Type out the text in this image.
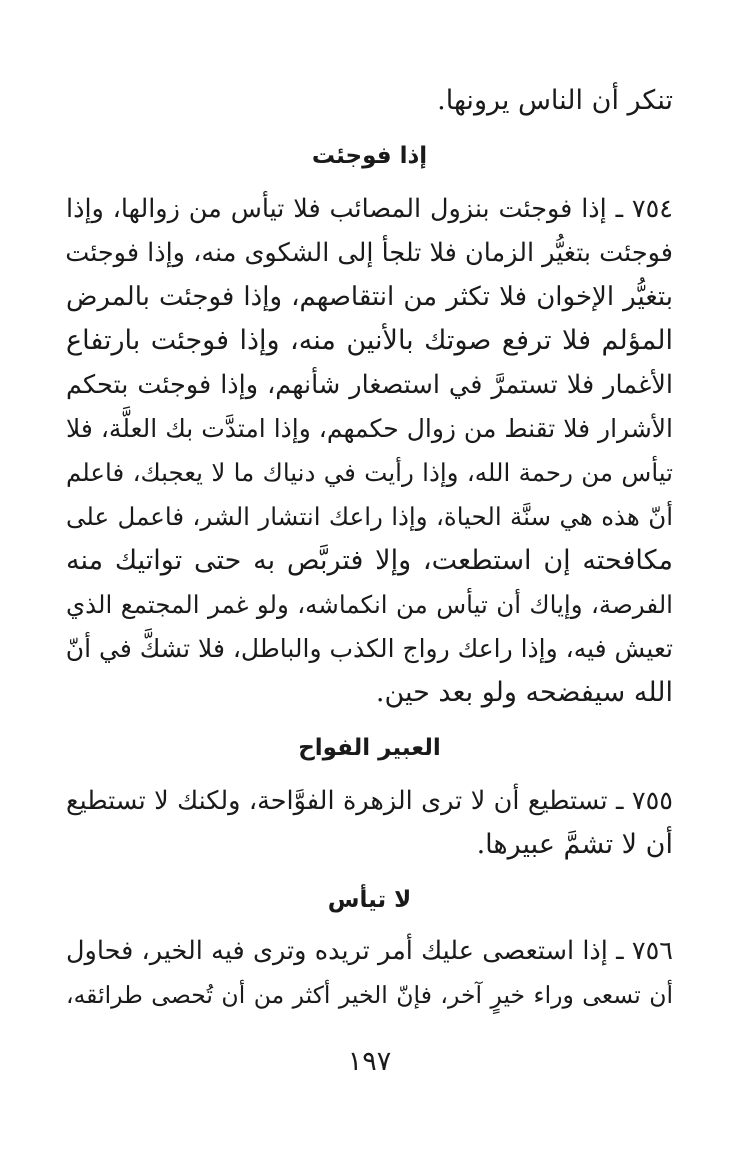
تنكر أن الناس يرونها.
إذا فوجئت
٧٥٤ ـ إذا فوجئت بنزول المصائب فلا تيأس من زوالها، وإذا
فوجئت بتغيُّر الزمان فلا تلجأ إلى الشكوى منه، وإذا فوجئت
بتغيُّر الإخوان فلا تكثر من انتقاصهم، وإذا فوجئت بالمرض
المؤلم فلا ترفع صوتك بالأنين منه، وإذا فوجئت بارتفاع
الأغمار فلا تستمرَّ في استصغار شأنهم، وإذا فوجئت بتحكم
الأشرار فلا تقنط من زوال حكمهم، وإذا امتدَّت بك العلَّة، فلا
تيأس من رحمة الله، وإذا رأيت في دنياك ما لا يعجبك، فاعلم
أنّ هذه هي سنَّة الحياة، وإذا راعك انتشار الشر، فاعمل على
مكافحته إن استطعت، وإلا فتربَّص به حتى تواتيك منه
الفرصة، وإياك أن تيأس من انكماشه، ولو غمر المجتمع الذي
تعيش فيه، وإذا راعك رواج الكذب والباطل، فلا تشكَّ في أنّ
الله سيفضحه ولو بعد حين.
العبير الفواح
٧٥٥ ـ تستطيع أن لا ترى الزهرة الفوَّاحة، ولكنك لا تستطيع
أن لا تشمَّ عبيرها.
لا تيأس
٧٥٦ ـ إذا استعصى عليك أمر تريده وترى فيه الخير، فحاول
أن تسعى وراء خيرٍ آخر، فإنّ الخير أكثر من أن تُحصى طرائقه،
١٩٧
